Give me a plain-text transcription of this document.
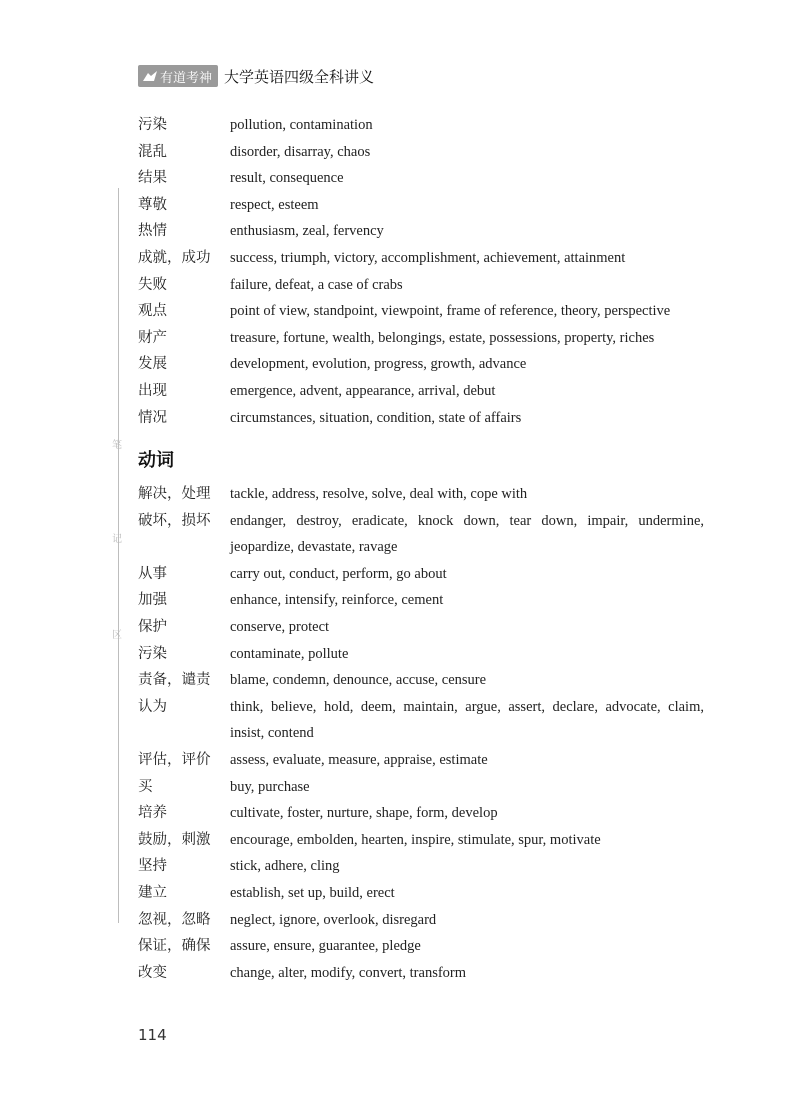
有道考神 大学英语四级全科讲义
笔
记
区
污染	pollution, contamination
混乱	disorder, disarray, chaos
结果	result, consequence
尊敬	respect, esteem
热情	enthusiasm, zeal, fervency
成就，成功	success, triumph, victory, accomplishment, achievement, attainment
失败	failure, defeat, a case of crabs
观点	point of view, standpoint, viewpoint, frame of reference, theory, perspective
财产	treasure, fortune, wealth, belongings, estate, possessions, property, riches
发展	development, evolution, progress, growth, advance
出现	emergence, advent, appearance, arrival, debut
情况	circumstances, situation, condition, state of affairs
动词
解决，处理	tackle, address, resolve, solve, deal with, cope with
破坏，损坏	endanger, destroy, eradicate, knock down, tear down, impair, undermine, jeopardize, devastate, ravage
从事	carry out, conduct, perform, go about
加强	enhance, intensify, reinforce, cement
保护	conserve, protect
污染	contaminate, pollute
责备，谴责	blame, condemn, denounce, accuse, censure
认为	think, believe, hold, deem, maintain, argue, assert, declare, advocate, claim, insist, contend
评估，评价	assess, evaluate, measure, appraise, estimate
买	buy, purchase
培养	cultivate, foster, nurture, shape, form, develop
鼓励，刺激	encourage, embolden, hearten, inspire, stimulate, spur, motivate
坚持	stick, adhere, cling
建立	establish, set up, build, erect
忽视，忽略	neglect, ignore, overlook, disregard
保证，确保	assure, ensure, guarantee, pledge
改变	change, alter, modify, convert, transform
114
